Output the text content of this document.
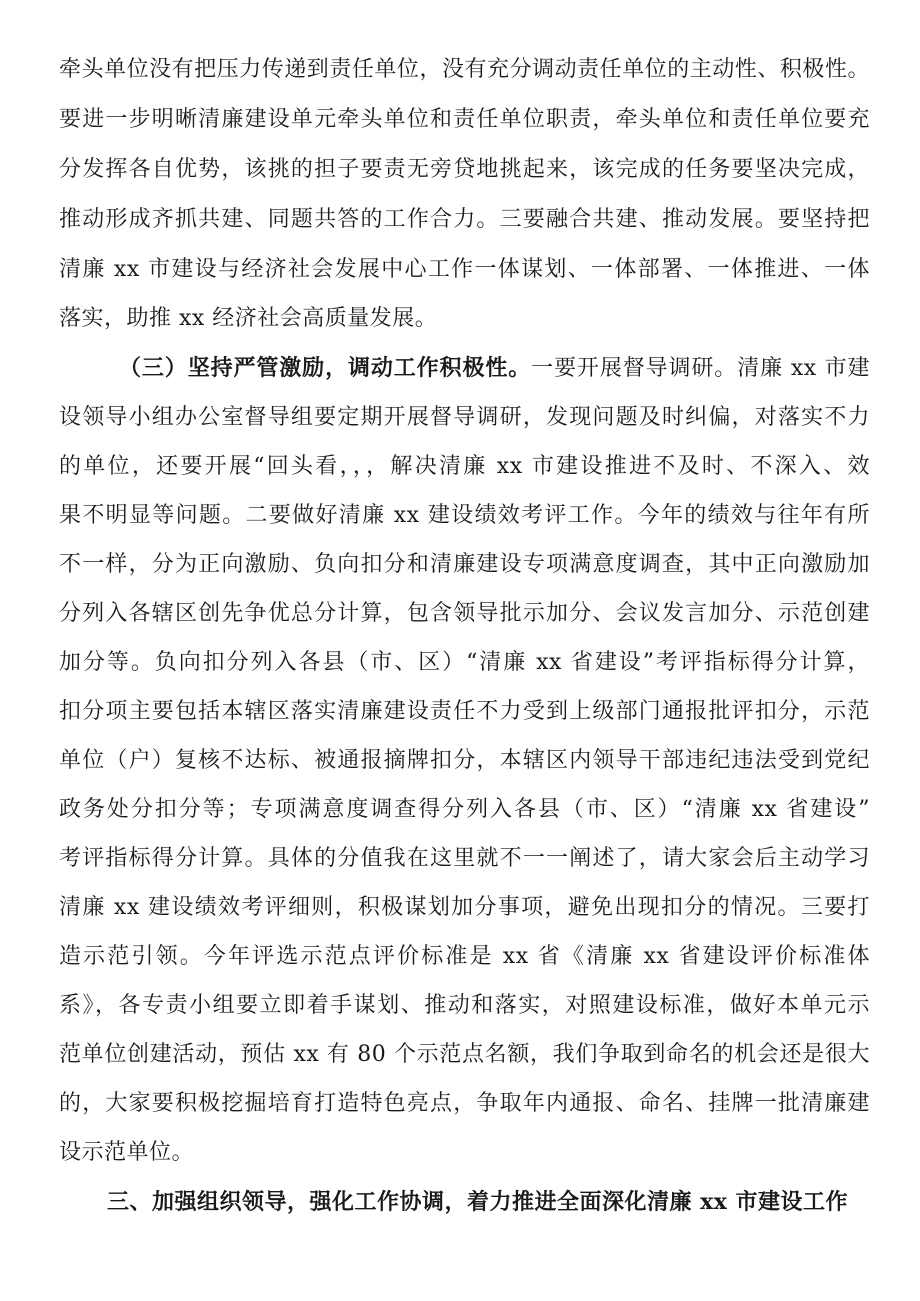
牵头单位没有把压力传递到责任单位，没有充分调动责任单位的主动性、积极性。
要进一步明晰清廉建设单元牵头单位和责任单位职责，牵头单位和责任单位要充
分发挥各自优势，该挑的担子要责无旁贷地挑起来，该完成的任务要坚决完成，
推动形成齐抓共建、同题共答的工作合力。三要融合共建、推动发展。要坚持把
清廉 xx 市建设与经济社会发展中心工作一体谋划、一体部署、一体推进、一体
落实，助推 xx 经济社会高质量发展。
（三）坚持严管激励，调动工作积极性。一要开展督导调研。清廉 xx 市建
设领导小组办公室督导组要定期开展督导调研，发现问题及时纠偏，对落实不力
的单位，还要开展“回头看，，，解决清廉 xx 市建设推进不及时、不深入、效
果不明显等问题。二要做好清廉 xx 建设绩效考评工作。今年的绩效与往年有所
不一样，分为正向激励、负向扣分和清廉建设专项满意度调查，其中正向激励加
分列入各辖区创先争优总分计算，包含领导批示加分、会议发言加分、示范创建
加分等。负向扣分列入各县（市、区）“清廉 xx 省建设”考评指标得分计算，
扣分项主要包括本辖区落实清廉建设责任不力受到上级部门通报批评扣分，示范
单位（户）复核不达标、被通报摘牌扣分，本辖区内领导干部违纪违法受到党纪
政务处分扣分等；专项满意度调查得分列入各县（市、区）“清廉 xx 省建设”
考评指标得分计算。具体的分值我在这里就不一一阐述了，请大家会后主动学习
清廉 xx 建设绩效考评细则，积极谋划加分事项，避免出现扣分的情况。三要打
造示范引领。今年评选示范点评价标准是 xx 省《清廉 xx 省建设评价标准体
系》，各专责小组要立即着手谋划、推动和落实，对照建设标准，做好本单元示
范单位创建活动，预估 xx 有 80 个示范点名额，我们争取到命名的机会还是很大
的，大家要积极挖掘培育打造特色亮点，争取年内通报、命名、挂牌一批清廉建
设示范单位。
三、加强组织领导，强化工作协调，着力推进全面深化清廉 xx 市建设工作
